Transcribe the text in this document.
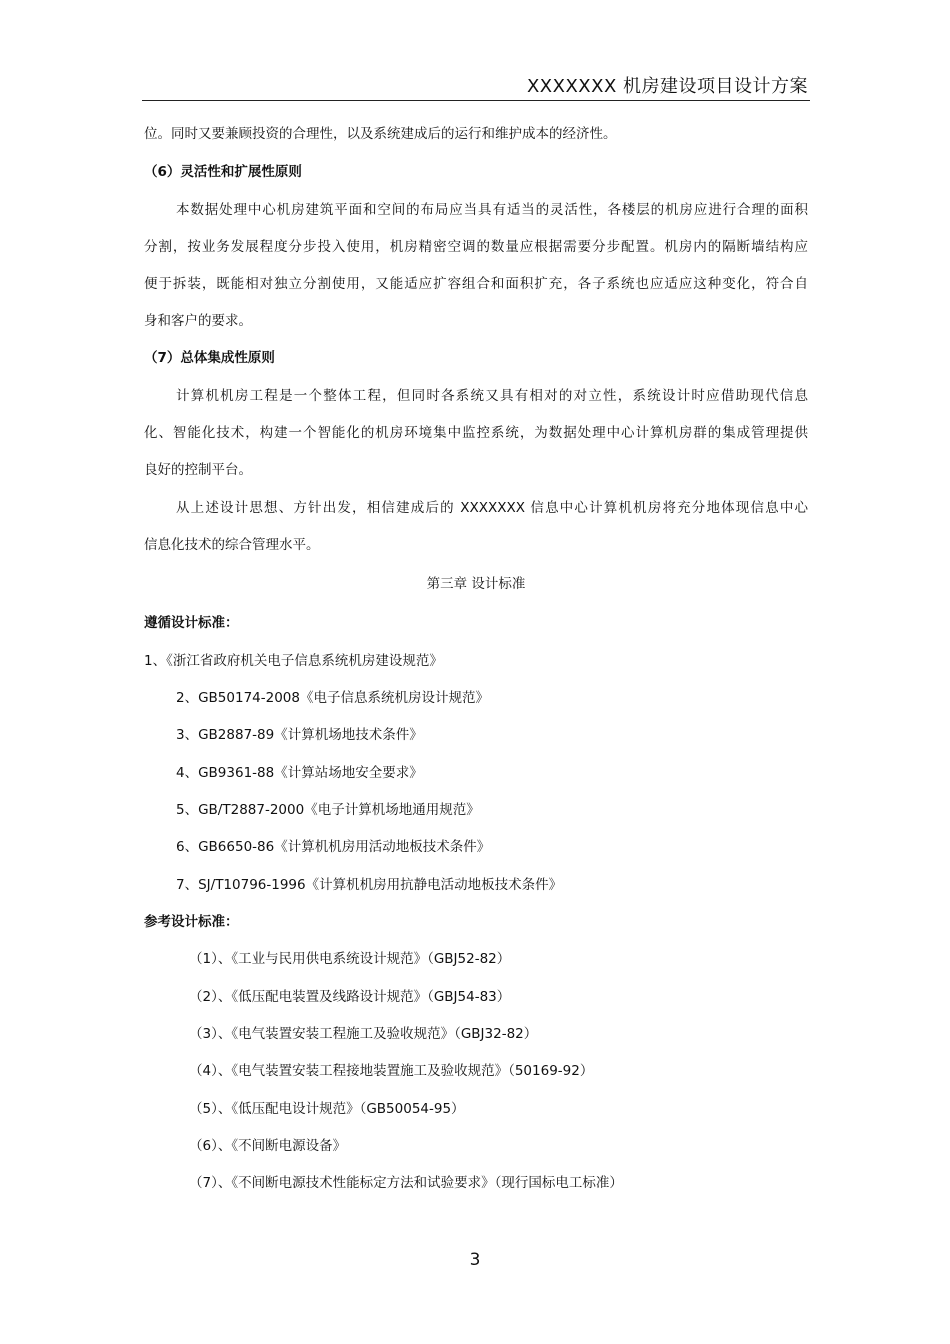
XXXXXXX 机房建设项目设计方案
位。同时又要兼顾投资的合理性，以及系统建成后的运行和维护成本的经济性。
（6）灵活性和扩展性原则
本数据处理中心机房建筑平面和空间的布局应当具有适当的灵活性，各楼层的机房应进行合理的面积
分割，按业务发展程度分步投入使用，机房精密空调的数量应根据需要分步配置。机房内的隔断墙结构应
便于拆装，既能相对独立分割使用，又能适应扩容组合和面积扩充，各子系统也应适应这种变化，符合自
身和客户的要求。
（7）总体集成性原则
计算机机房工程是一个整体工程，但同时各系统又具有相对的对立性，系统设计时应借助现代信息
化、智能化技术，构建一个智能化的机房环境集中监控系统，为数据处理中心计算机房群的集成管理提供
良好的控制平台。
从上述设计思想、方针出发，相信建成后的 XXXXXXX 信息中心计算机机房将充分地体现信息中心
信息化技术的综合管理水平。
第三章 设计标准
遵循设计标准：
1、《浙江省政府机关电子信息系统机房建设规范》
2、GB50174-2008《电子信息系统机房设计规范》
3、GB2887-89《计算机场地技术条件》
4、GB9361-88《计算站场地安全要求》
5、GB/T2887-2000《电子计算机场地通用规范》
6、GB6650-86《计算机机房用活动地板技术条件》
7、SJ/T10796-1996《计算机机房用抗静电活动地板技术条件》
参考设计标准：
（1）、《工业与民用供电系统设计规范》（GBJ52-82）
（2）、《低压配电装置及线路设计规范》（GBJ54-83）
（3）、《电气装置安装工程施工及验收规范》（GBJ32-82）
（4）、《电气装置安装工程接地装置施工及验收规范》（50169-92）
（5）、《低压配电设计规范》（GB50054-95）
（6）、《不间断电源设备》
（7）、《不间断电源技术性能标定方法和试验要求》（现行国标电工标准）
3
